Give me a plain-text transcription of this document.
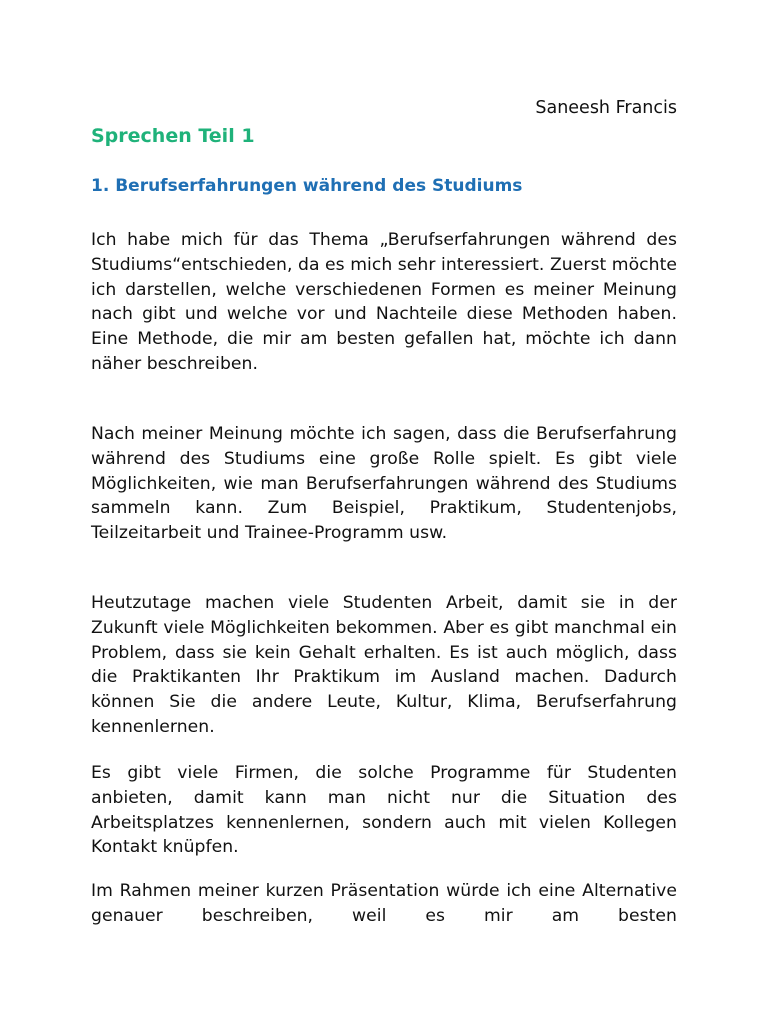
Saneesh Francis

Sprechen Teil 1
1. Berufserfahrungen während des Studiums

Ich habe mich für das Thema „Berufserfahrungen während des Studiums“entschieden, da es mich sehr interessiert. Zuerst möchte ich darstellen, welche verschiedenen Formen es meiner Meinung nach gibt und welche vor und Nachteile diese Methoden haben. Eine Methode, die mir am besten gefallen hat, möchte ich dann näher beschreiben.

Nach meiner Meinung möchte ich sagen, dass die Berufserfahrung während des Studiums eine große Rolle spielt. Es gibt viele Möglichkeiten, wie man Berufserfahrungen während des Studiums sammeln kann. Zum Beispiel, Praktikum, Studentenjobs, Teilzeitarbeit und Trainee-Programm usw.

Heutzutage machen viele Studenten Arbeit, damit sie in der Zukunft viele Möglichkeiten bekommen. Aber es gibt manchmal ein Problem, dass sie kein Gehalt erhalten. Es ist auch möglich, dass die Praktikanten Ihr Praktikum im Ausland machen. Dadurch können Sie die andere Leute, Kultur, Klima, Berufserfahrung kennenlernen.

Es gibt viele Firmen, die solche Programme für Studenten anbieten, damit kann man nicht nur die Situation des Arbeitsplatzes kennenlernen, sondern auch mit vielen Kollegen Kontakt knüpfen.

Im Rahmen meiner kurzen Präsentation würde ich eine Alternative genauer beschreiben, weil es mir am besten
